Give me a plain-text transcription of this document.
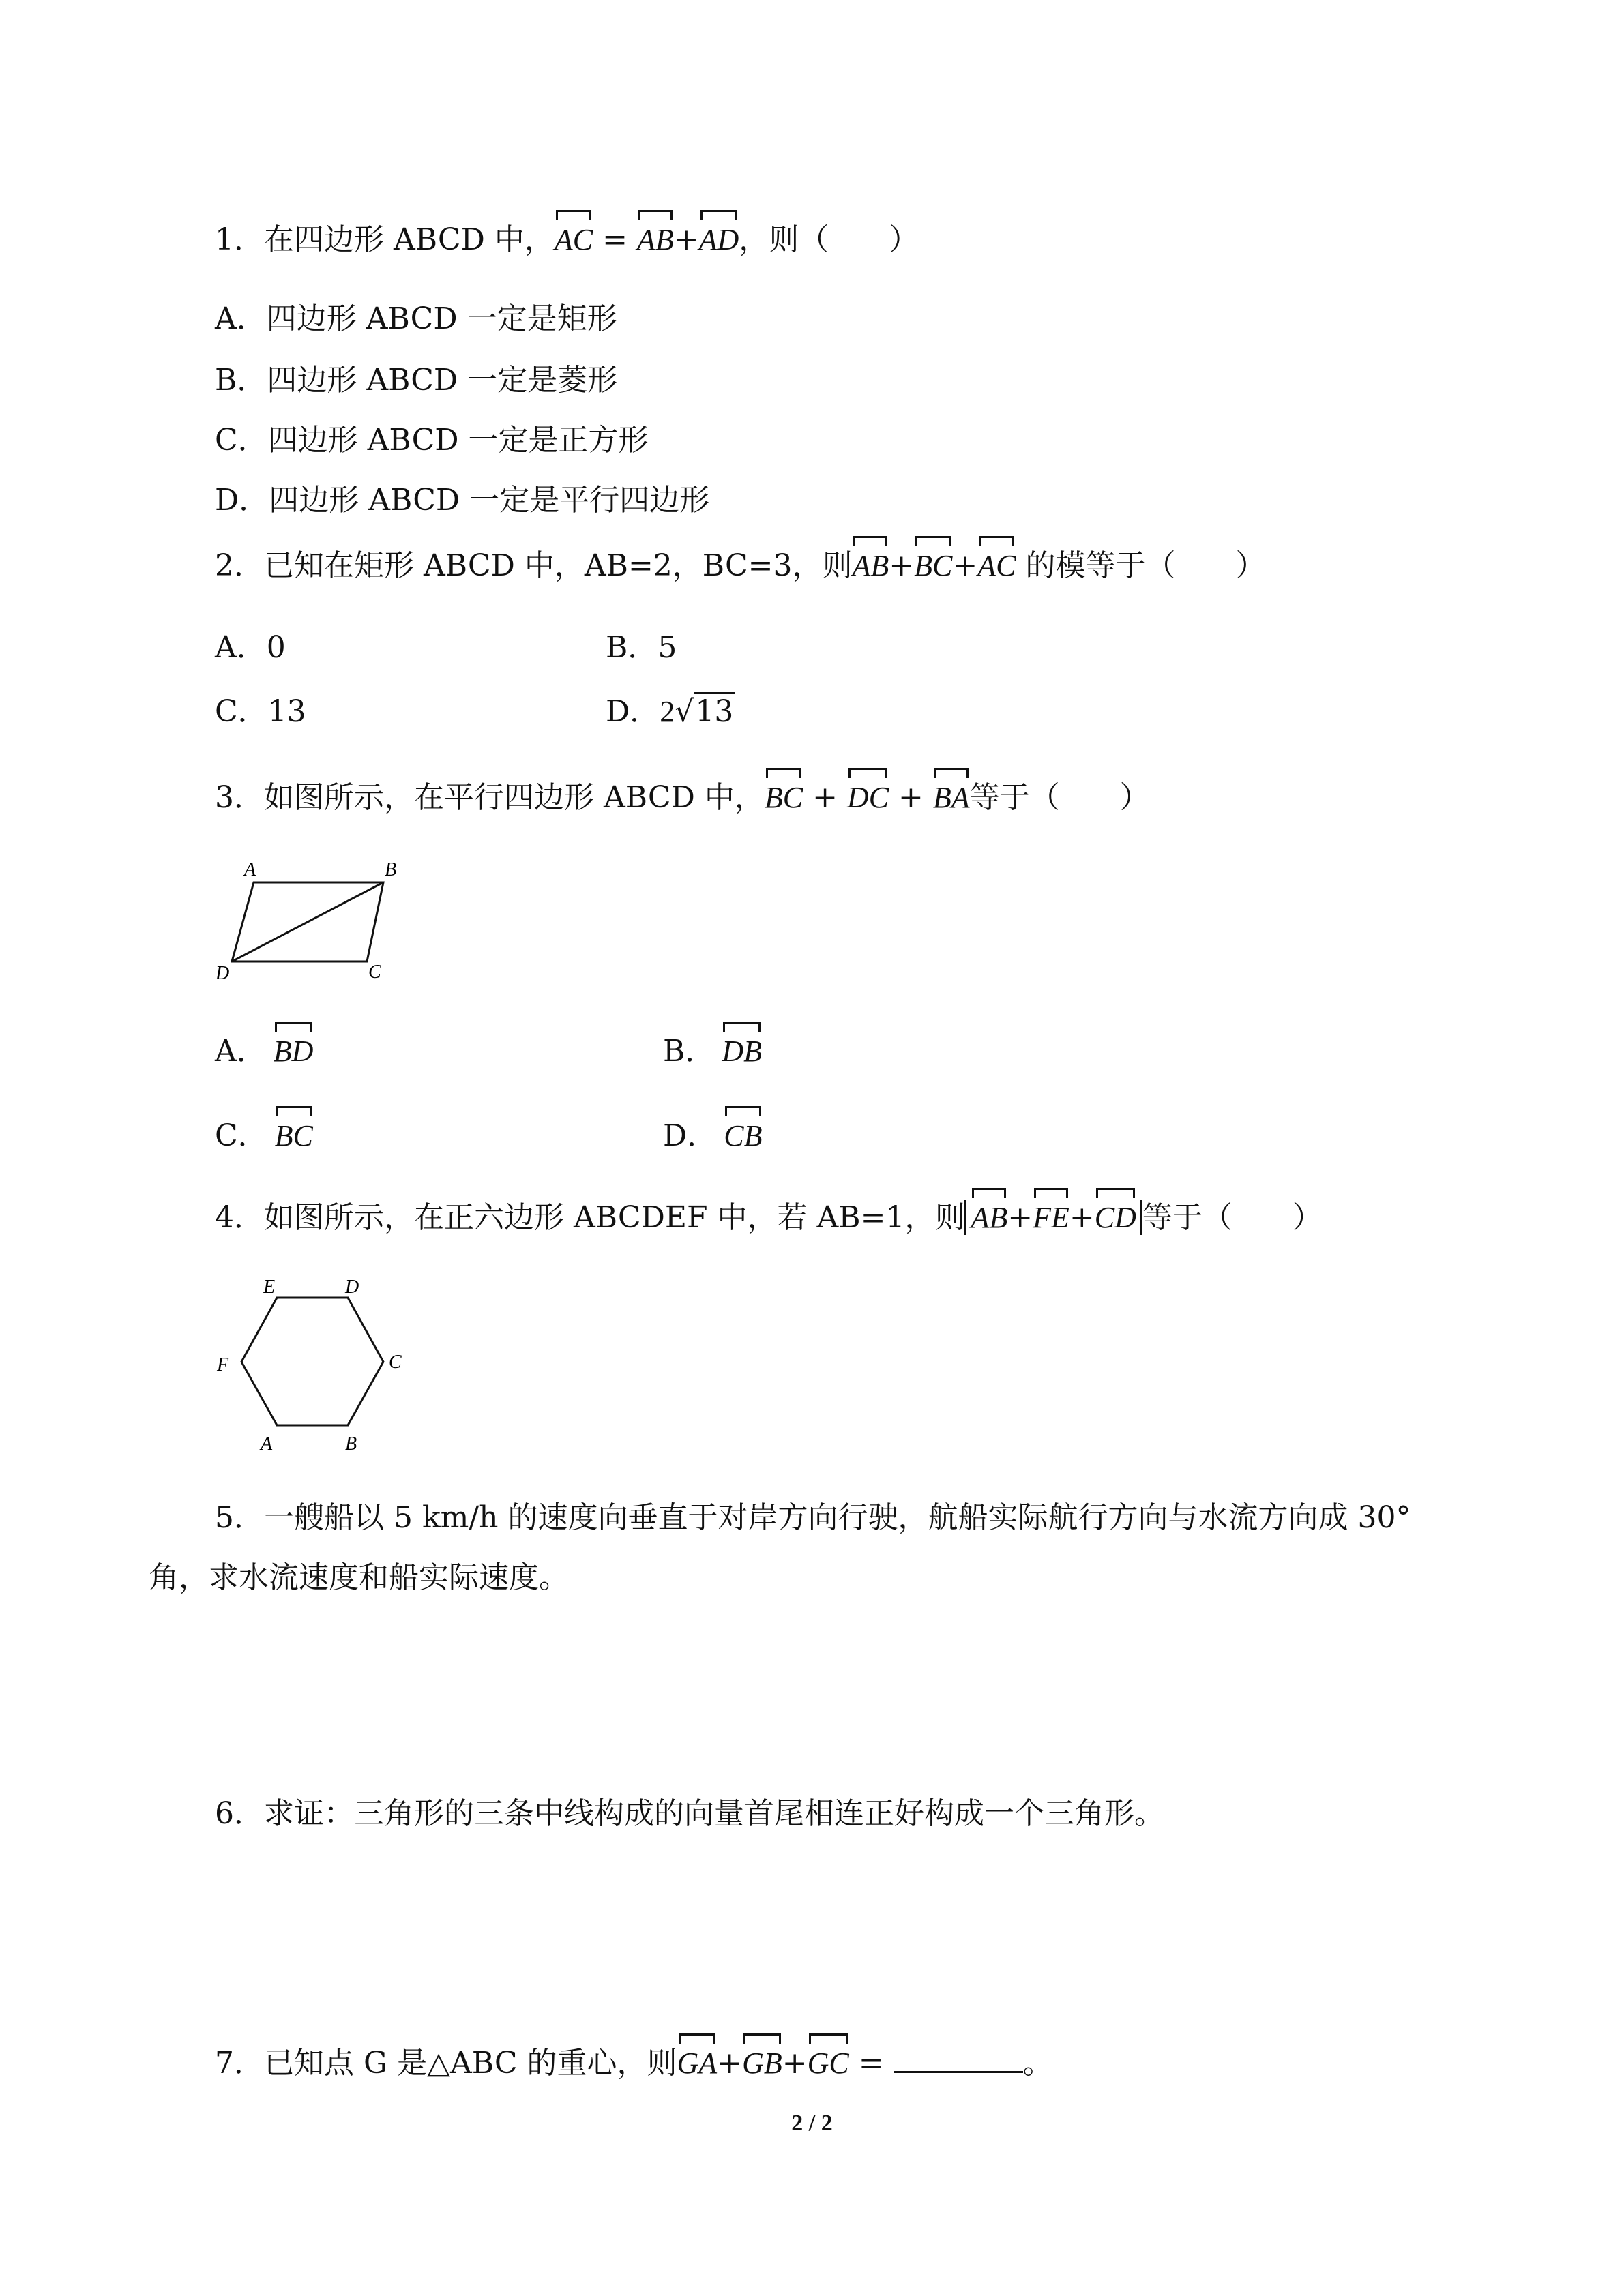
1．在四边形 ABCD 中，AC = AB+AD，则（　　）
A．四边形 ABCD 一定是矩形
B．四边形 ABCD 一定是菱形
C．四边形 ABCD 一定是正方形
D．四边形 ABCD 一定是平行四边形
2．已知在矩形 ABCD 中，AB=2，BC=3，则AB+BC+AC 的模等于（　　）
A．0	B．5
C．13	D．2√13
3．如图所示，在平行四边形 ABCD 中，BC + DC + BA等于（　　）
A	B
C
D
A． BD	B． DB
C． BC	D． CB
4．如图所示，在正六边形 ABCDEF 中，若 AB=1，则 AB+FE+CD 等于（　　）
E	D
C
F
A	B
5．一艘船以 5 km/h 的速度向垂直于对岸方向行驶，航船实际航行方向与水流方向成 30°
角，求水流速度和船实际速度。
6．求证：三角形的三条中线构成的向量首尾相连正好构成一个三角形。
7．已知点 G 是△ABC 的重心，则GA+GB+GC =	。
2 / 2
